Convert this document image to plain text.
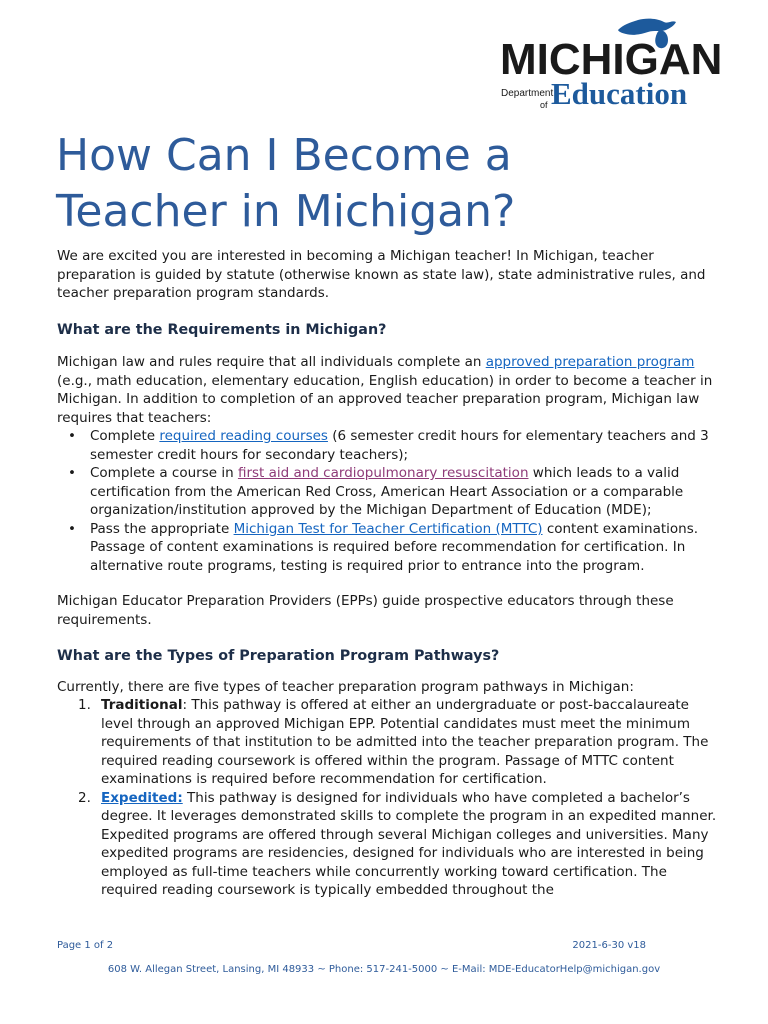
MICHIGAN
Department
of Education
How Can I Become a Teacher in Michigan?

We are excited you are interested in becoming a Michigan teacher! In Michigan, teacher preparation is guided by statute (otherwise known as state law), state administrative rules, and teacher preparation program standards.

What are the Requirements in Michigan?

Michigan law and rules require that all individuals complete an approved preparation program (e.g., math education, elementary education, English education) in order to become a teacher in Michigan. In addition to completion of an approved teacher preparation program, Michigan law requires that teachers:

• Complete required reading courses (6 semester credit hours for elementary teachers and 3 semester credit hours for secondary teachers);
• Complete a course in first aid and cardiopulmonary resuscitation which leads to a valid certification from the American Red Cross, American Heart Association or a comparable organization/institution approved by the Michigan Department of Education (MDE);
• Pass the appropriate Michigan Test for Teacher Certification (MTTC) content examinations. Passage of content examinations is required before recommendation for certification. In alternative route programs, testing is required prior to entrance into the program.

Michigan Educator Preparation Providers (EPPs) guide prospective educators through these requirements.

What are the Types of Preparation Program Pathways?

Currently, there are five types of teacher preparation program pathways in Michigan:

1. Traditional: This pathway is offered at either an undergraduate or post-baccalaureate level through an approved Michigan EPP. Potential candidates must meet the minimum requirements of that institution to be admitted into the teacher preparation program. The required reading coursework is offered within the program. Passage of MTTC content examinations is required before recommendation for certification.
2. Expedited: This pathway is designed for individuals who have completed a bachelor’s degree. It leverages demonstrated skills to complete the program in an expedited manner. Expedited programs are offered through several Michigan colleges and universities. Many expedited programs are residencies, designed for individuals who are interested in being employed as full-time teachers while concurrently working toward certification. The required reading coursework is typically embedded throughout the
Page 1 of 2	2021-6-30 v18
608 W. Allegan Street, Lansing, MI 48933 ~ Phone: 517-241-5000 ~ E-Mail: MDE-EducatorHelp@michigan.gov
